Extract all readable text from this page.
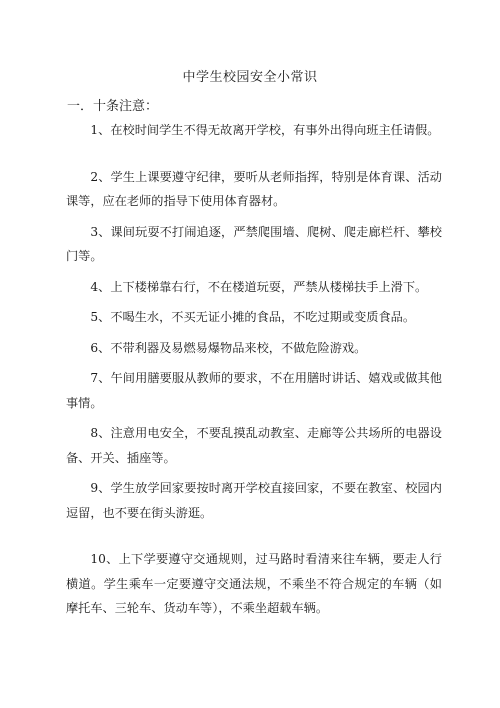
中学生校园安全小常识
一．十条注意：

1、在校时间学生不得无故离开学校，有事外出得向班主任请假。

2、学生上课要遵守纪律，要听从老师指挥，特别是体育课、活动课等，应在老师的指导下使用体育器材。

3、课间玩耍不打闹追逐，严禁爬围墙、爬树、爬走廊栏杆、攀校门等。

4、上下楼梯靠右行，不在楼道玩耍，严禁从楼梯扶手上滑下。

5、不喝生水，不买无证小摊的食品，不吃过期或变质食品。

6、不带利器及易燃易爆物品来校，不做危险游戏。

7、午间用膳要服从教师的要求，不在用膳时讲话、嬉戏或做其他事情。

8、注意用电安全，不要乱摸乱动教室、走廊等公共场所的电器设备、开关、插座等。

9、学生放学回家要按时离开学校直接回家，不要在教室、校园内逗留，也不要在街头游逛。

10、上下学要遵守交通规则，过马路时看清来往车辆，要走人行横道。学生乘车一定要遵守交通法规，不乘坐不符合规定的车辆（如摩托车、三轮车、货动车等），不乘坐超载车辆。
